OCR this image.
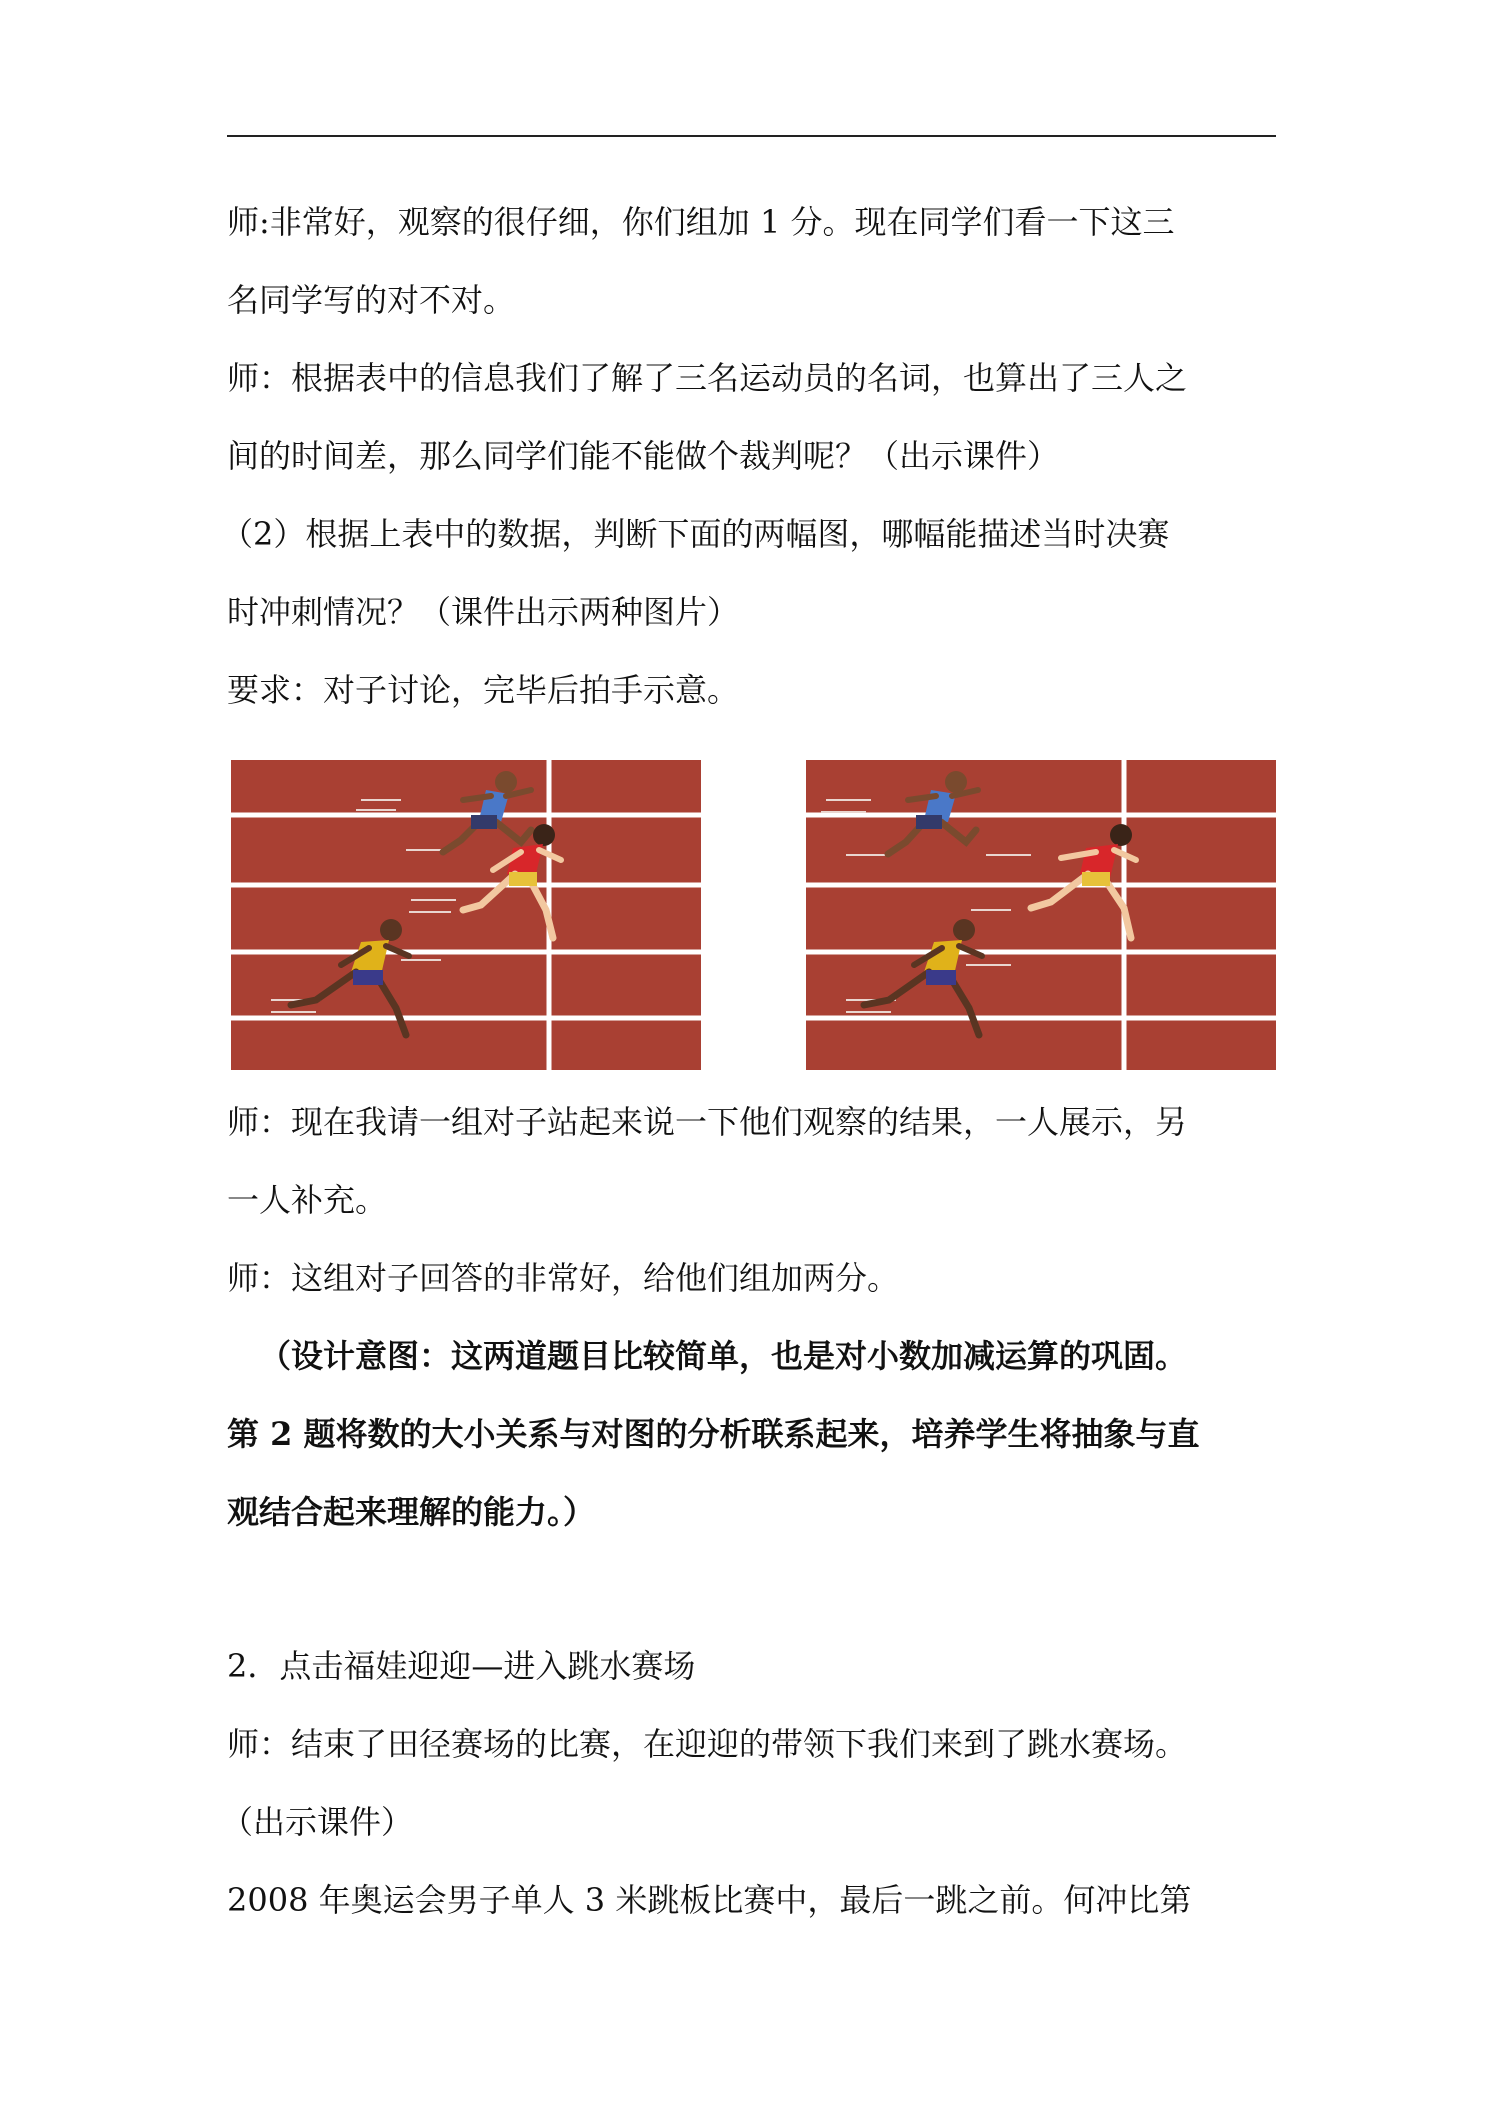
师:非常好，观察的很仔细，你们组加 1 分。现在同学们看一下这三
名同学写的对不对。
师：根据表中的信息我们了解了三名运动员的名词，也算出了三人之
间的时间差，那么同学们能不能做个裁判呢？（出示课件）
（2）根据上表中的数据，判断下面的两幅图，哪幅能描述当时决赛
时冲刺情况？（课件出示两种图片）
要求：对子讨论，完毕后拍手示意。
师：现在我请一组对子站起来说一下他们观察的结果，一人展示，另
一人补充。
师：这组对子回答的非常好，给他们组加两分。
（设计意图：这两道题目比较简单，也是对小数加减运算的巩固。
第 2 题将数的大小关系与对图的分析联系起来，培养学生将抽象与直
观结合起来理解的能力。）
2．点击福娃迎迎—进入跳水赛场
师：结束了田径赛场的比赛，在迎迎的带领下我们来到了跳水赛场。
（出示课件）
2008 年奥运会男子单人 3 米跳板比赛中，最后一跳之前。何冲比第
